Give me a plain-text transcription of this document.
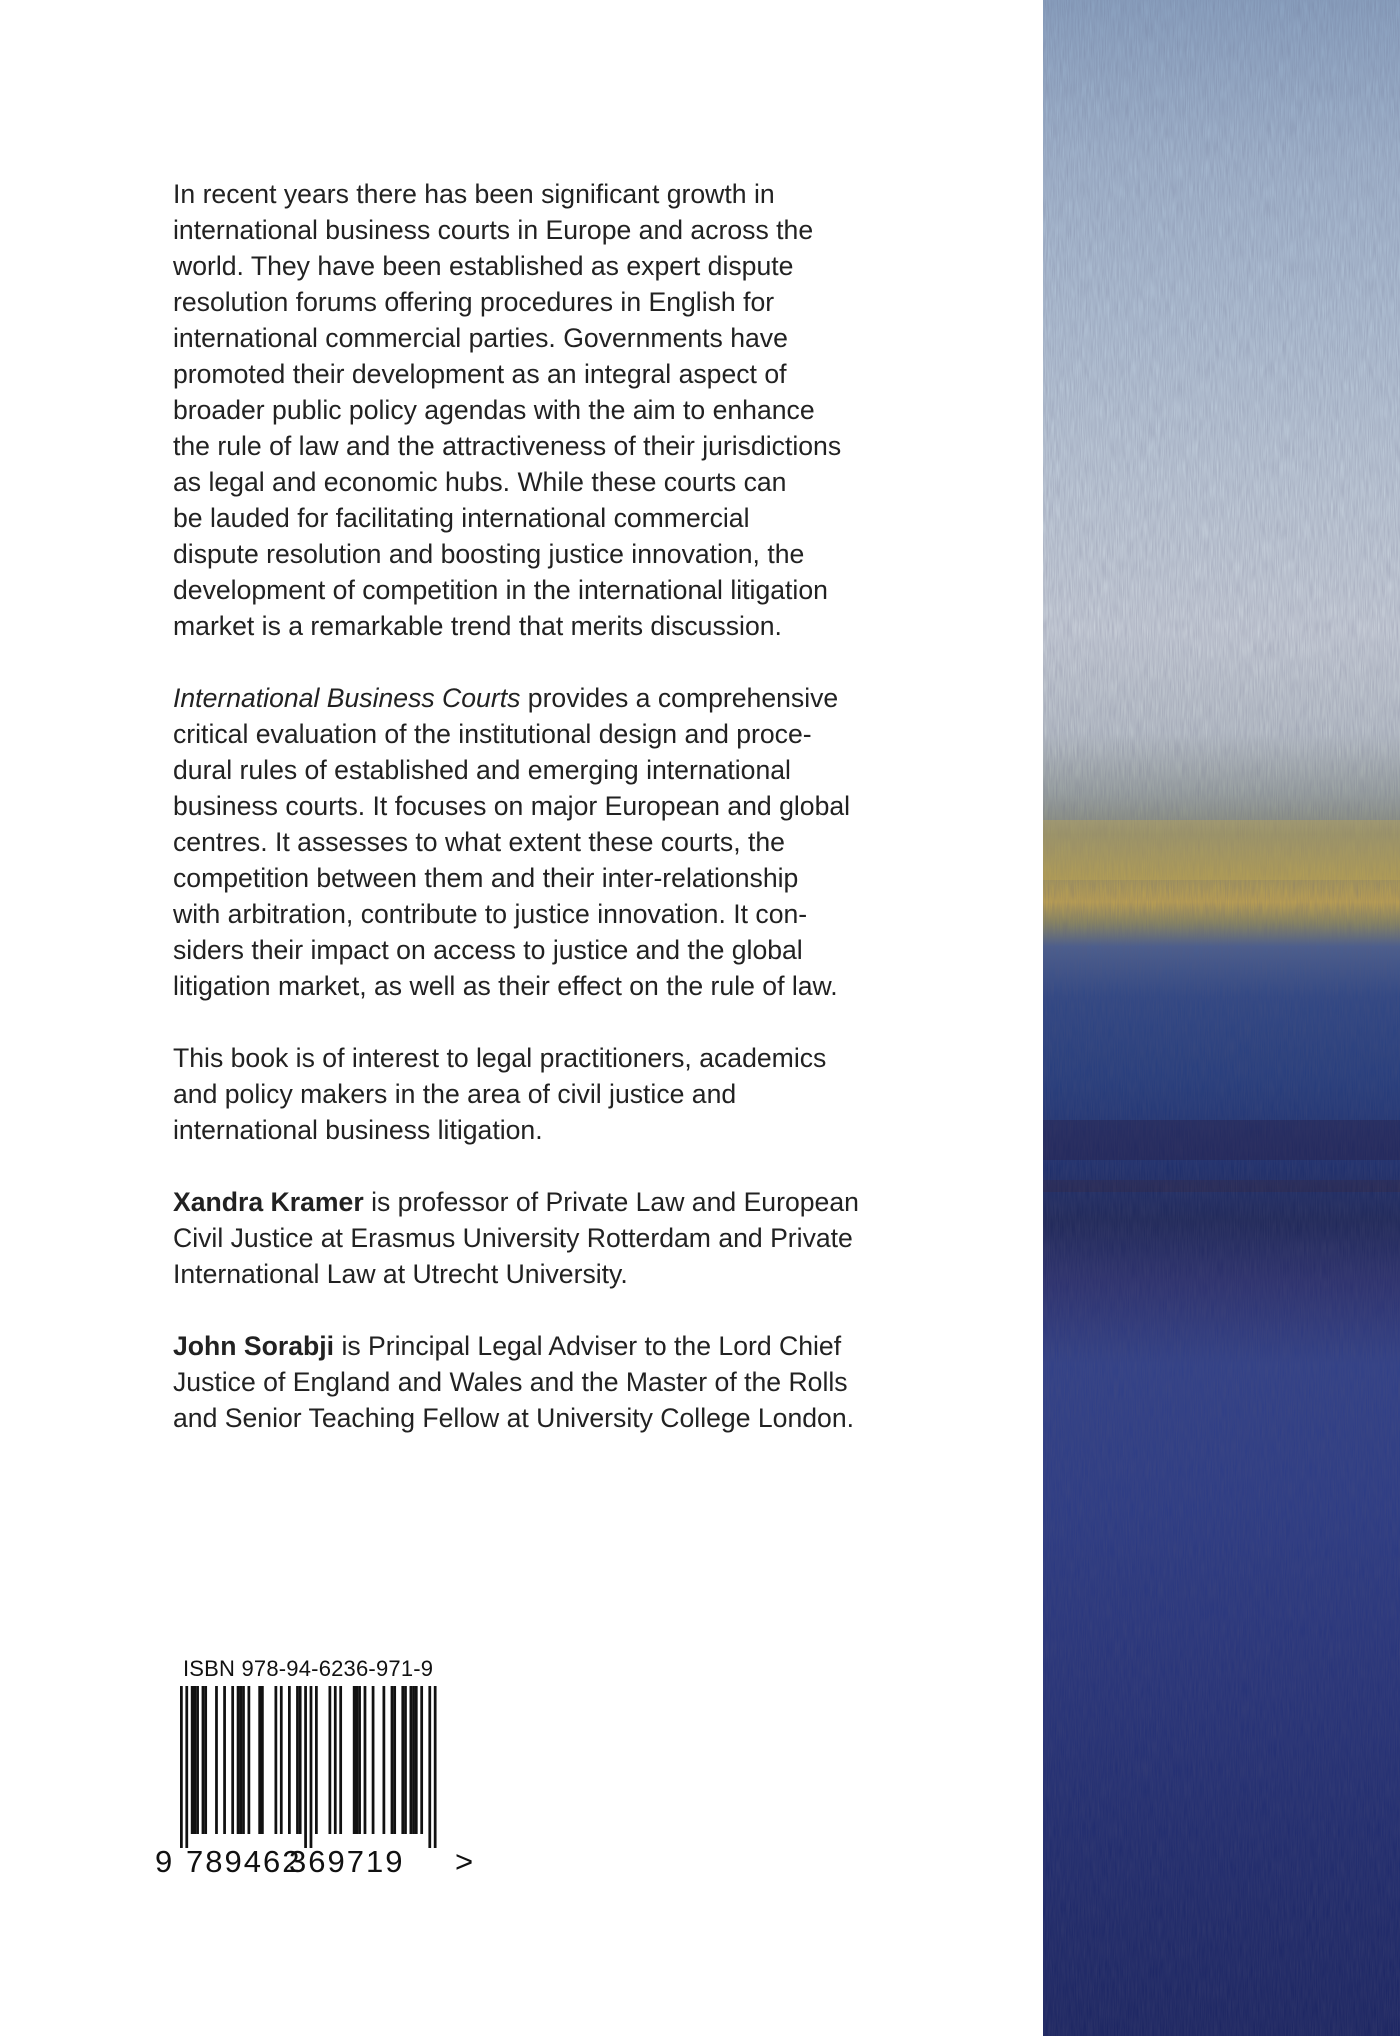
In recent years there has been significant growth in
international business courts in Europe and across the
world. They have been established as expert dispute
resolution forums offering procedures in English for
international commercial parties. Governments have
promoted their development as an integral aspect of
broader public policy agendas with the aim to enhance
the rule of law and the attractiveness of their jurisdictions
as legal and economic hubs. While these courts can
be lauded for facilitating international commercial
dispute resolution and boosting justice innovation, the
development of competition in the international litigation
market is a remarkable trend that merits discussion.

International Business Courts provides a comprehensive
critical evaluation of the institutional design and proce-
dural rules of established and emerging international
business courts. It focuses on major European and global
centres. It assesses to what extent these courts, the
competition between them and their inter-relationship
with arbitration, contribute to justice innovation. It con-
siders their impact on access to justice and the global
litigation market, as well as their effect on the rule of law.

This book is of interest to legal practitioners, academics
and policy makers in the area of civil justice and
international business litigation.

Xandra Kramer is professor of Private Law and European
Civil Justice at Erasmus University Rotterdam and Private
International Law at Utrecht University.

John Sorabji is Principal Legal Adviser to the Lord Chief
Justice of England and Wales and the Master of the Rolls
and Senior Teaching Fellow at University College London.

ISBN 978-94-6236-971-9
9 789462
369719 >
